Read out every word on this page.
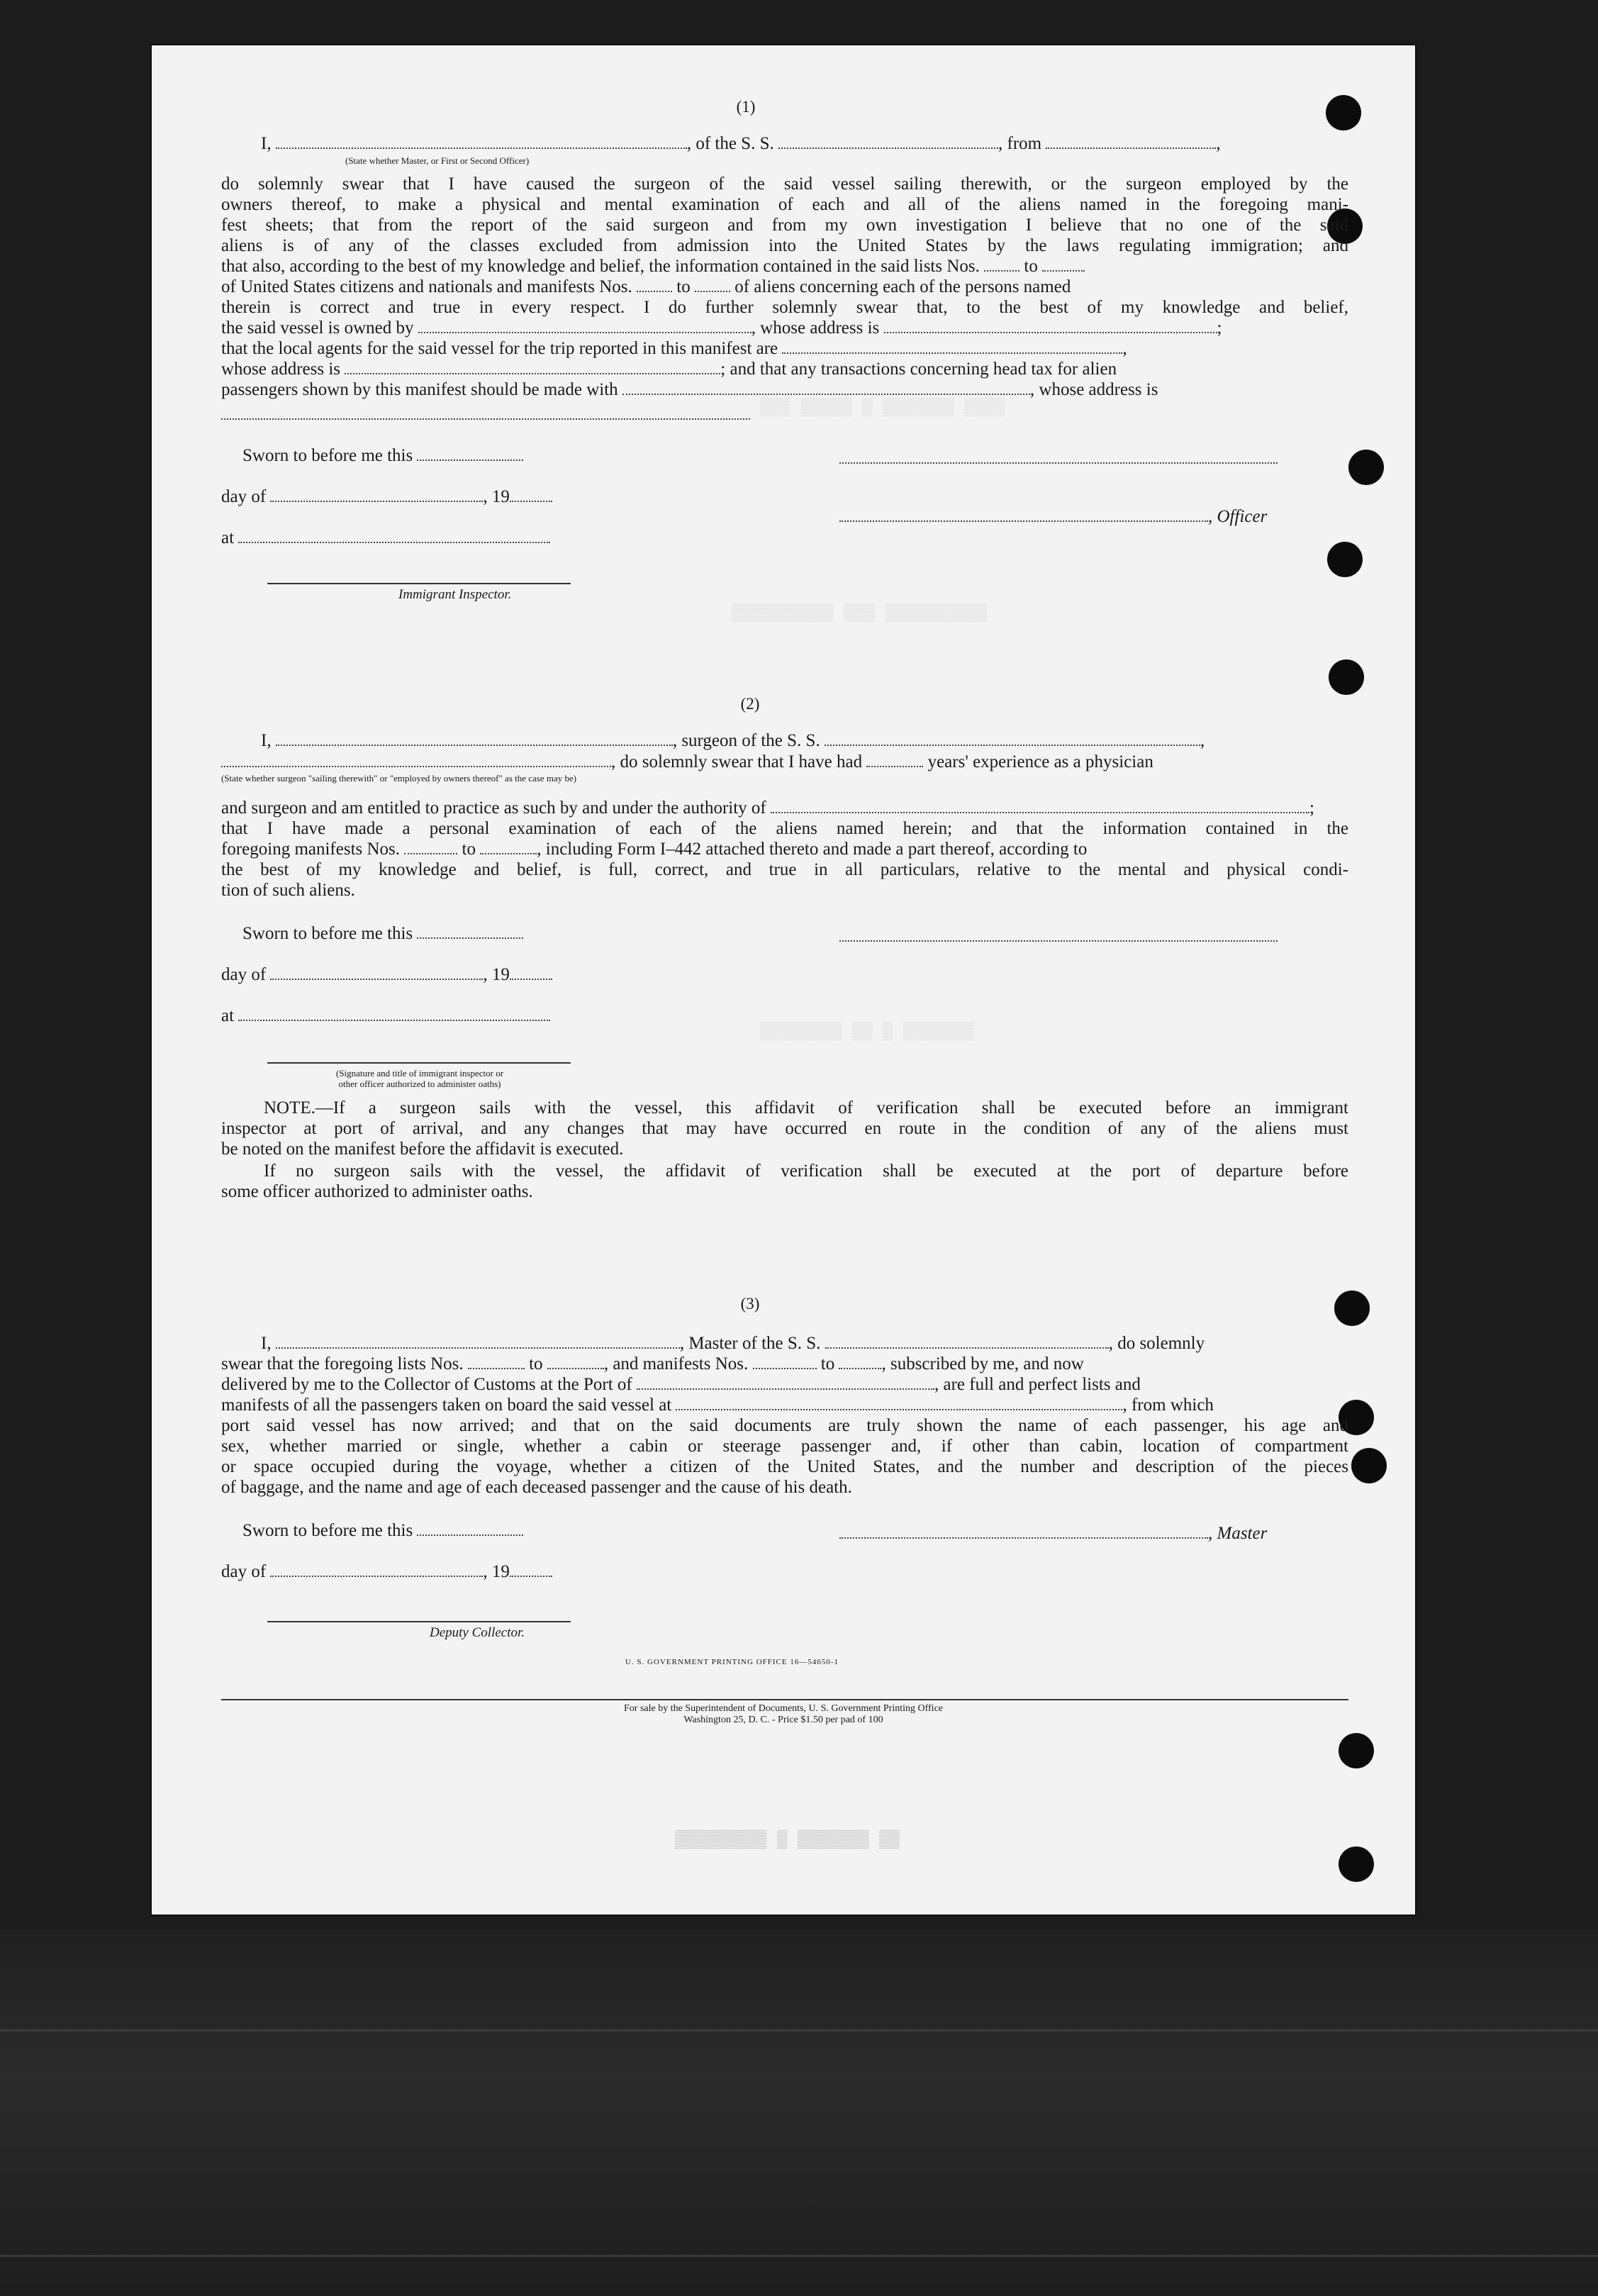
▒▒▒ ▒▒▒▒▒ ▒ ▒▒▒▒▒▒▒ ▒▒▒▒
▒▒▒▒▒▒▒▒▒▒ ▒▒▒ ▒▒▒▒▒▒▒▒▒▒
▒▒▒▒▒▒▒▒ ▒▒ ▒ ▒▒▒▒▒▒▒
▒▒▒▒▒▒▒▒▒ ▒ ▒▒▒▒▒▒▒ ▒▒
(1)
I,	, of the S. S.	, from	,
(State whether Master, or First or Second Officer)
do solemnly swear that I have caused the surgeon of the said vessel sailing therewith, or the surgeon employed by the
owners thereof, to make a physical and mental examination of each and all of the aliens named in the foregoing mani-
fest sheets; that from the report of the said surgeon and from my own investigation I believe that no one of the said
aliens is of any of the classes excluded from admission into the United States by the laws regulating immigration; and
that also, according to the best of my knowledge and belief, the information contained in the said lists Nos.	to
of United States citizens and nationals and manifests Nos.	to	of aliens concerning each of the persons named
therein is correct and true in every respect. I do further solemnly swear that, to the best of my knowledge and belief,
the said vessel is owned by	, whose address is	;
that the local agents for the said vessel for the trip reported in this manifest are	,
whose address is	; and that any transactions concerning head tax for alien
passengers shown by this manifest should be made with	, whose address is
Sworn to before me this
day of	, 19
, Officer
at
Immigrant Inspector.
(2)
I,	, surgeon of the S. S.	,
, do solemnly swear that I have had	years' experience as a physician
(State whether surgeon "sailing therewith" or "employed by owners thereof" as the case may be)
and surgeon and am entitled to practice as such by and under the authority of	;
that I have made a personal examination of each of the aliens named herein; and that the information contained in the
foregoing manifests Nos.	to	, including Form I–442 attached thereto and made a part thereof, according to
the best of my knowledge and belief, is full, correct, and true in all particulars, relative to the mental and physical condi-
tion of such aliens.
Sworn to before me this
day of	, 19
at
(Signature and title of immigrant inspector or other officer authorized to administer oaths)
NOTE.—If a surgeon sails with the vessel, this affidavit of verification shall be executed before an immigrant
inspector at port of arrival, and any changes that may have occurred en route in the condition of any of the aliens must
be noted on the manifest before the affidavit is executed.
If no surgeon sails with the vessel, the affidavit of verification shall be executed at the port of departure before
some officer authorized to administer oaths.
(3)
I,	, Master of the S. S.	, do solemnly
swear that the foregoing lists Nos.	to	, and manifests Nos.	to	, subscribed by me, and now
delivered by me to the Collector of Customs at the Port of	, are full and perfect lists and
manifests of all the passengers taken on board the said vessel at	, from which
port said vessel has now arrived; and that on the said documents are truly shown the name of each passenger, his age and
sex, whether married or single, whether a cabin or steerage passenger and, if other than cabin, location of compartment
or space occupied during the voyage, whether a citizen of the United States, and the number and description of the pieces
of baggage, and the name and age of each deceased passenger and the cause of his death.
Sworn to before me this	, Master
day of	, 19
Deputy Collector.
U. S. GOVERNMENT PRINTING OFFICE 16—54650-1
For sale by the Superintendent of Documents, U. S. Government Printing Office
Washington 25, D. C. - Price $1.50 per pad of 100
